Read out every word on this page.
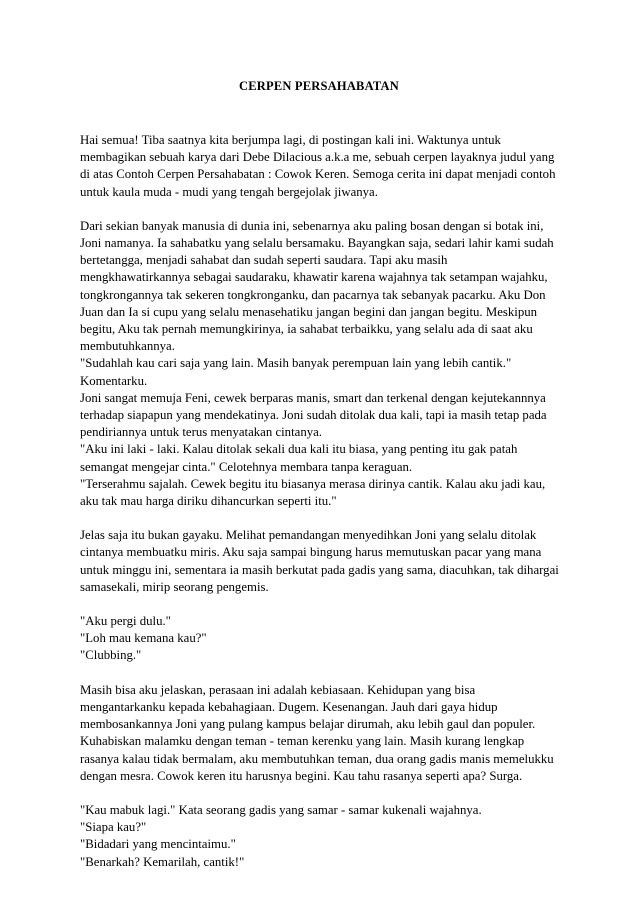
CERPEN PERSAHABATAN
Hai semua! Tiba saatnya kita berjumpa lagi, di postingan kali ini. Waktunya untuk
membagikan sebuah karya dari Debe Dilacious a.k.a me, sebuah cerpen layaknya judul yang
di atas Contoh Cerpen Persahabatan : Cowok Keren. Semoga cerita ini dapat menjadi contoh
untuk kaula muda - mudi yang tengah bergejolak jiwanya.
Dari sekian banyak manusia di dunia ini, sebenarnya aku paling bosan dengan si botak ini,
Joni namanya. Ia sahabatku yang selalu bersamaku. Bayangkan saja, sedari lahir kami sudah
bertetangga, menjadi sahabat dan sudah seperti saudara. Tapi aku masih
mengkhawatirkannya sebagai saudaraku, khawatir karena wajahnya tak setampan wajahku,
tongkrongannya tak sekeren tongkronganku, dan pacarnya tak sebanyak pacarku. Aku Don
Juan dan Ia si cupu yang selalu menasehatiku jangan begini dan jangan begitu. Meskipun
begitu, Aku tak pernah memungkirinya, ia sahabat terbaikku, yang selalu ada di saat aku
membutuhkannya.
"Sudahlah kau cari saja yang lain. Masih banyak perempuan lain yang lebih cantik."
Komentarku.
Joni sangat memuja Feni, cewek berparas manis, smart dan terkenal dengan kejutekannnya
terhadap siapapun yang mendekatinya. Joni sudah ditolak dua kali, tapi ia masih tetap pada
pendiriannya untuk terus menyatakan cintanya.
"Aku ini laki - laki. Kalau ditolak sekali dua kali itu biasa, yang penting itu gak patah
semangat mengejar cinta." Celotehnya membara tanpa keraguan.
"Terserahmu sajalah. Cewek begitu itu biasanya merasa dirinya cantik. Kalau aku jadi kau,
aku tak mau harga diriku dihancurkan seperti itu."
Jelas saja itu bukan gayaku. Melihat pemandangan menyedihkan Joni yang selalu ditolak
cintanya membuatku miris. Aku saja sampai bingung harus memutuskan pacar yang mana
untuk minggu ini, sementara ia masih berkutat pada gadis yang sama, diacuhkan, tak dihargai
samasekali, mirip seorang pengemis.
"Aku pergi dulu."
"Loh mau kemana kau?"
"Clubbing."
Masih bisa aku jelaskan, perasaan ini adalah kebiasaan. Kehidupan yang bisa
mengantarkanku kepada kebahagiaan. Dugem. Kesenangan. Jauh dari gaya hidup
membosankannya Joni yang pulang kampus belajar dirumah, aku lebih gaul dan populer.
Kuhabiskan malamku dengan teman - teman kerenku yang lain. Masih kurang lengkap
rasanya kalau tidak bermalam, aku membutuhkan teman, dua orang gadis manis memelukku
dengan mesra. Cowok keren itu harusnya begini. Kau tahu rasanya seperti apa? Surga.
"Kau mabuk lagi." Kata seorang gadis yang samar - samar kukenali wajahnya.
"Siapa kau?"
"Bidadari yang mencintaimu."
"Benarkah? Kemarilah, cantik!"
